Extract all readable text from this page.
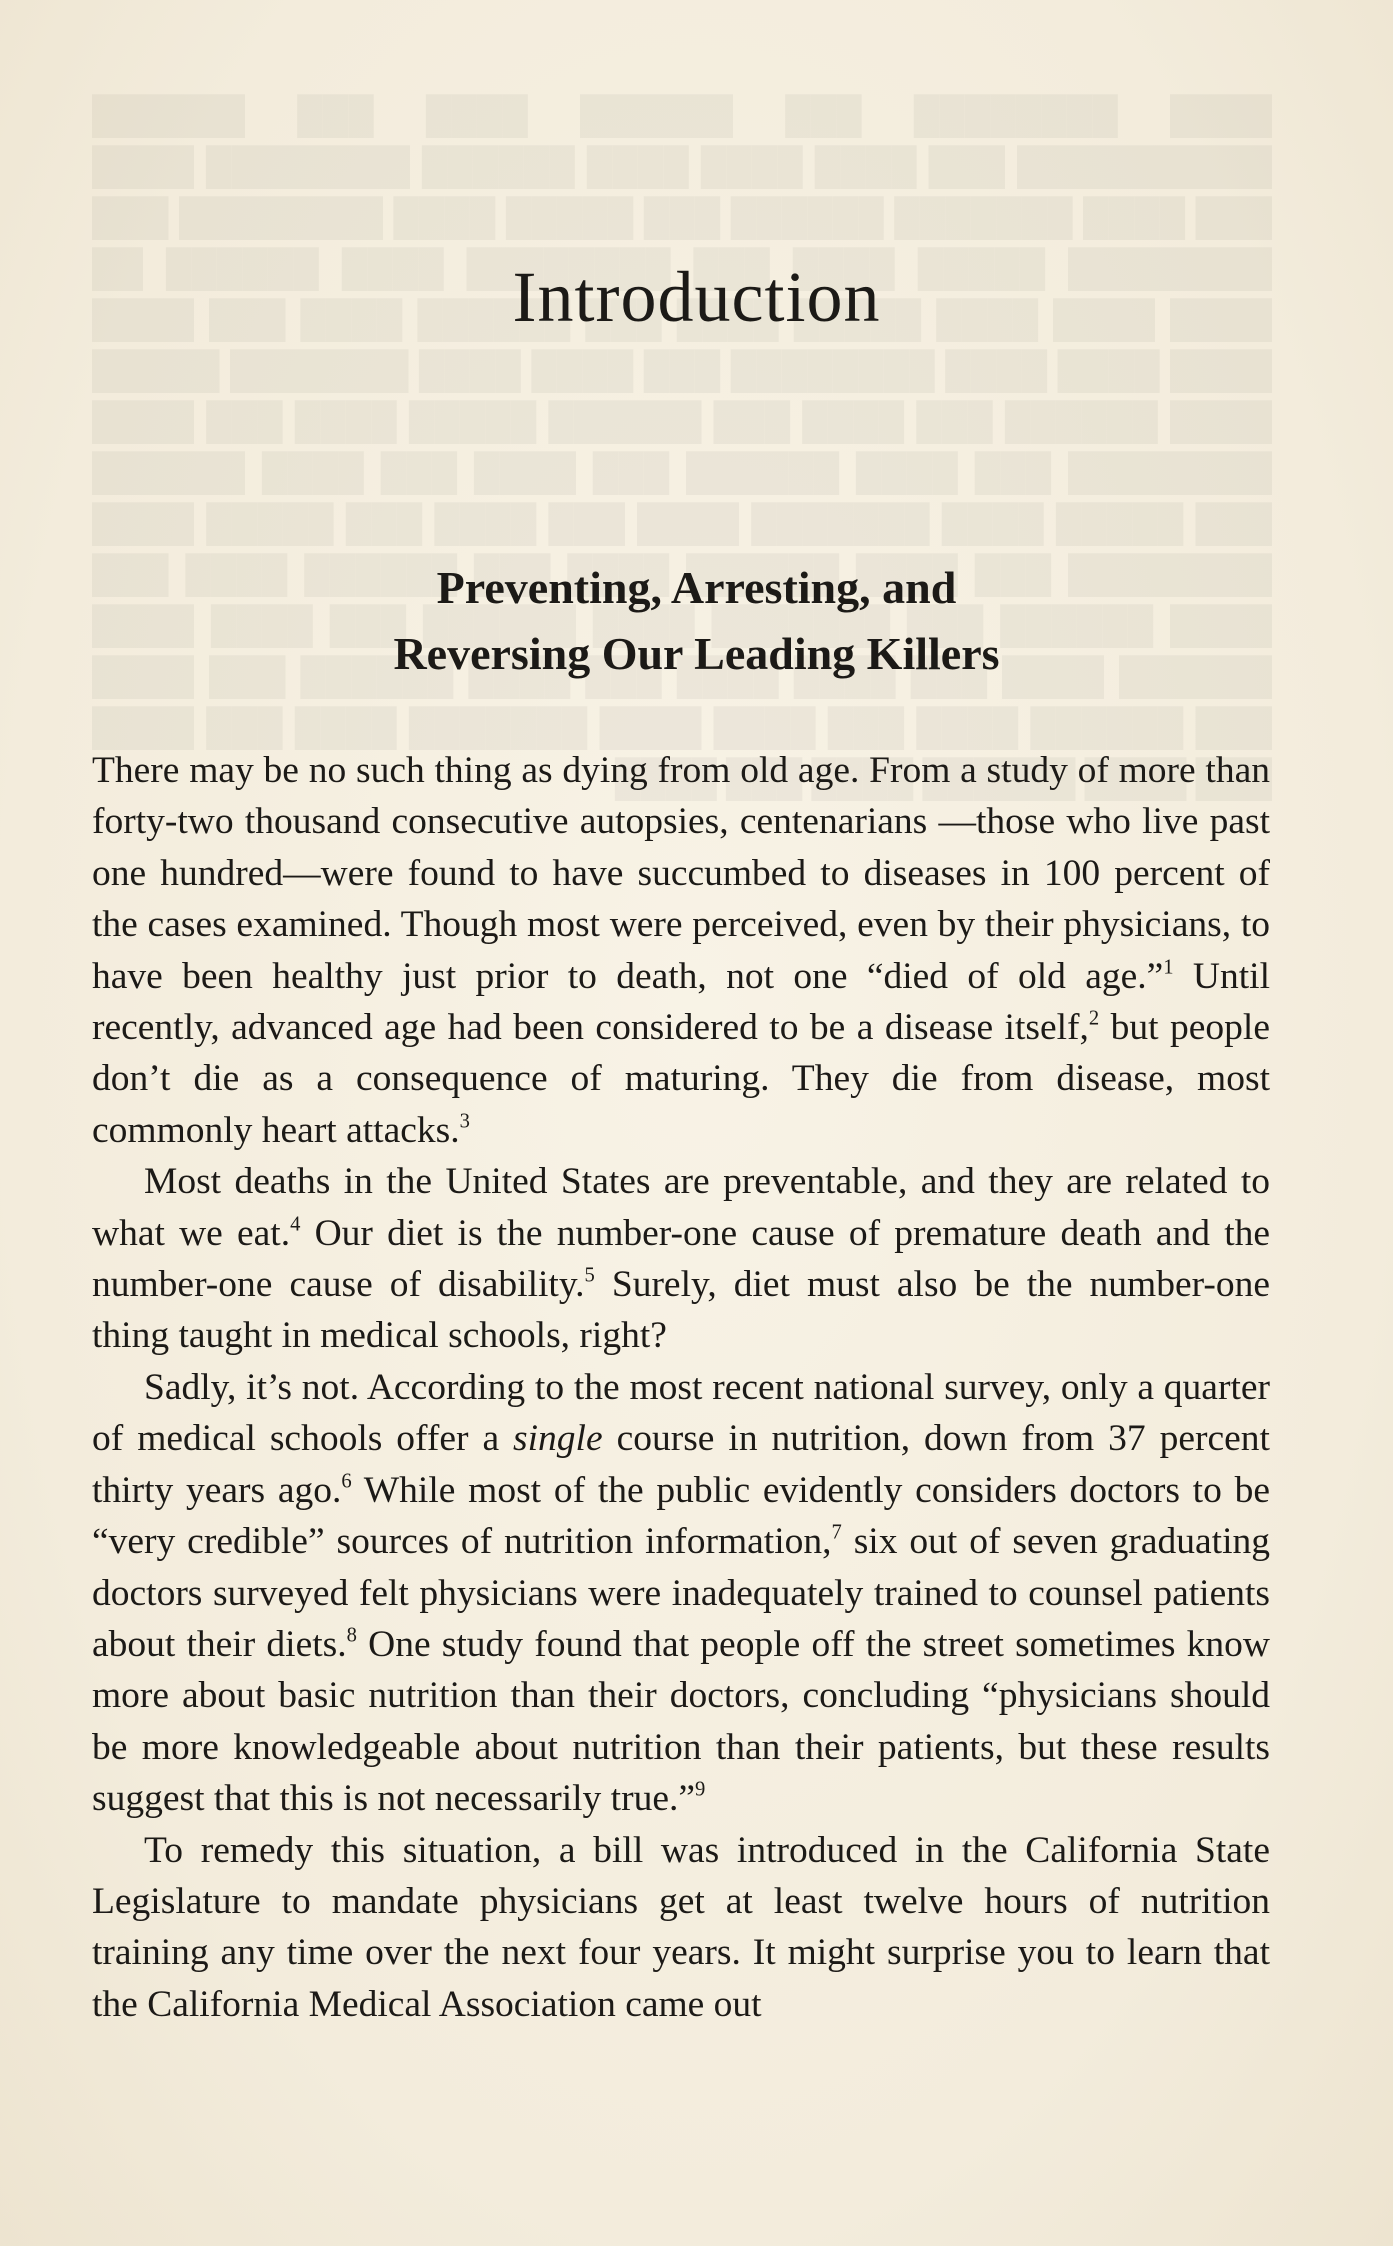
Introduction
Preventing, Arresting, and
Reversing Our Leading Killers

There may be no such thing as dying from old age. From a study of more than forty-two thousand consecutive autopsies, centenarians —those who live past one hundred—were found to have succumbed to diseases in 100 percent of the cases examined. Though most were perceived, even by their physicians, to have been healthy just prior to death, not one “died of old age.”$^1$ Until recently, advanced age had been considered to be a disease itself,$^2$ but people don’t die as a consequence of maturing. They die from disease, most commonly heart attacks.$^3$

Most deaths in the United States are preventable, and they are related to what we eat.$^4$ Our diet is the number-one cause of premature death and the number-one cause of disability.$^5$ Surely, diet must also be the number-one thing taught in medical schools, right?

Sadly, it’s not. According to the most recent national survey, only a quarter of medical schools offer a single course in nutrition, down from 37 percent thirty years ago.$^6$ While most of the public evidently considers doctors to be “very credible” sources of nutrition information,$^7$ six out of seven graduating doctors surveyed felt physicians were inadequately trained to counsel patients about their diets.$^8$ One study found that people off the street sometimes know more about basic nutrition than their doctors, concluding “physicians should be more knowledgeable about nutrition than their patients, but these results suggest that this is not necessarily true.”$^9$

To remedy this situation, a bill was introduced in the California State Legislature to mandate physicians get at least twelve hours of nutrition training any time over the next four years. It might surprise you to learn that the California Medical Association came out
